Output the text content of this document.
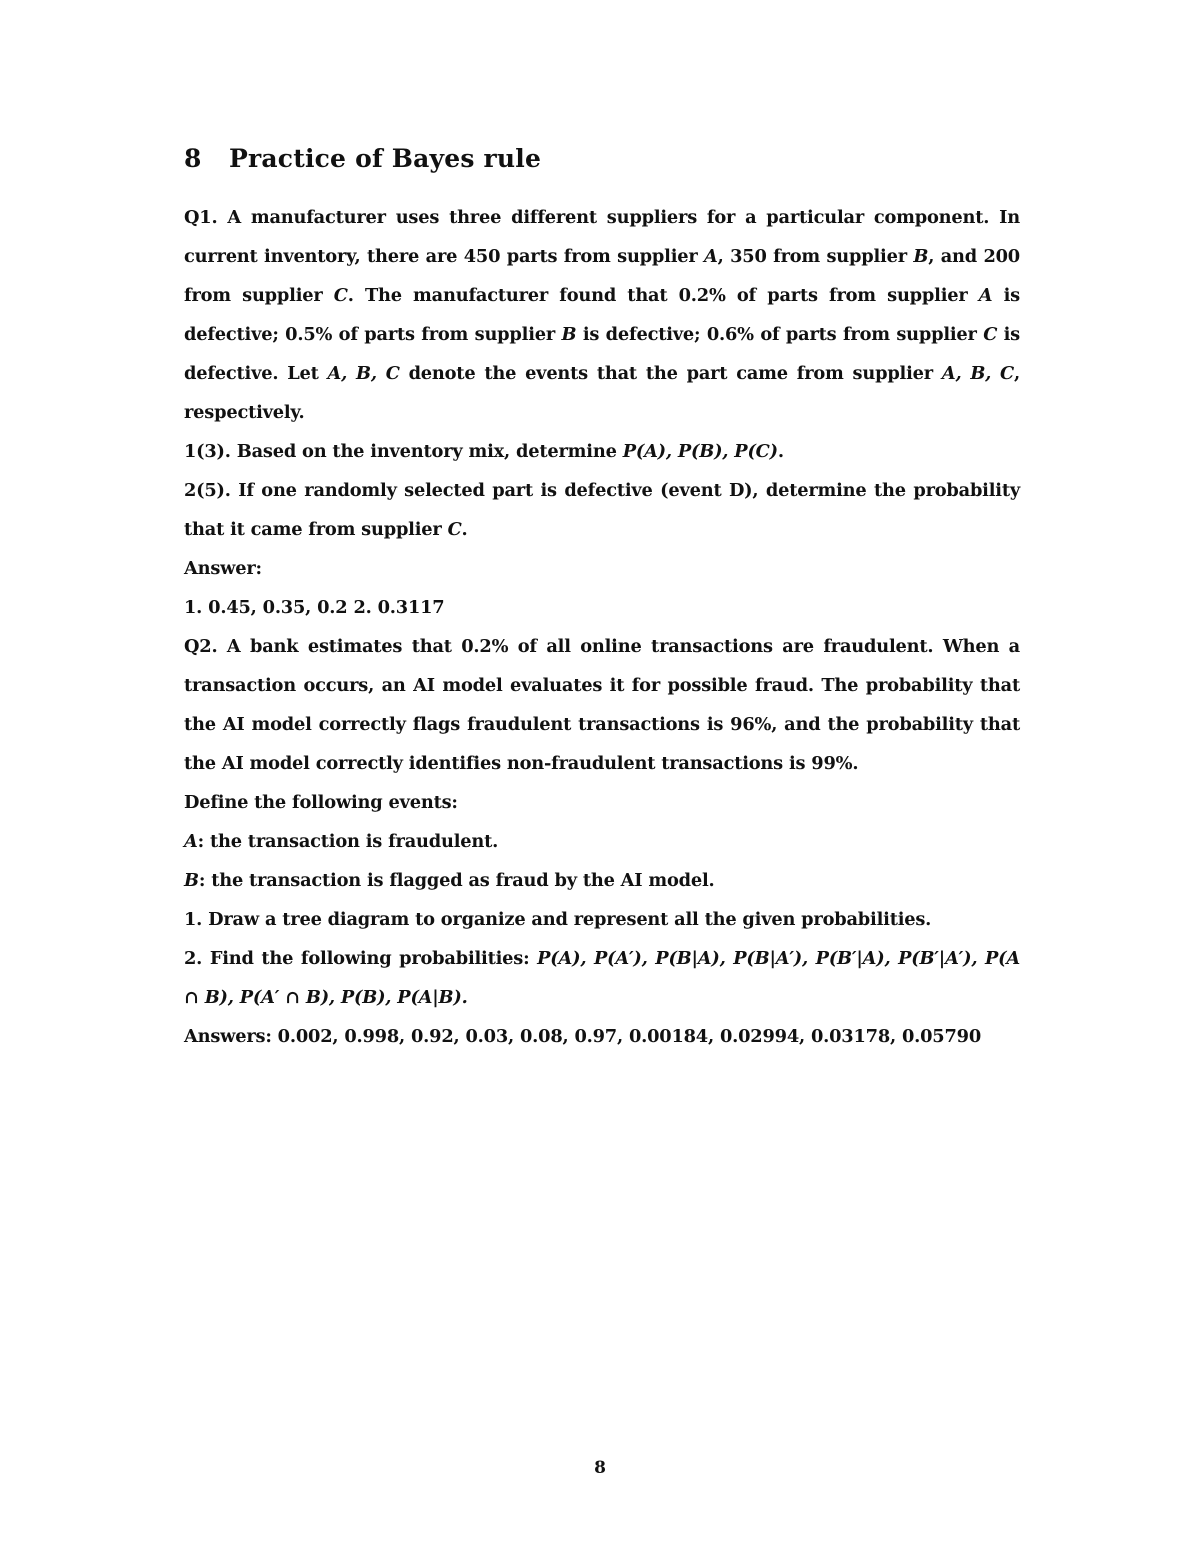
8 Practice of Bayes rule

Q1. A manufacturer uses three different suppliers for a particular component. In current inventory, there are 450 parts from supplier A, 350 from supplier B, and 200 from supplier C. The manufacturer found that 0.2% of parts from supplier A is defective; 0.5% of parts from supplier B is defective; 0.6% of parts from supplier C is defective. Let A, B, C denote the events that the part came from supplier A, B, C, respectively.

1(3). Based on the inventory mix, determine P(A), P(B), P(C).

2(5). If one randomly selected part is defective (event D), determine the probability that it came from supplier C.

Answer:

1. 0.45, 0.35, 0.2 2. 0.3117

Q2. A bank estimates that 0.2% of all online transactions are fraudulent. When a transaction occurs, an AI model evaluates it for possible fraud. The probability that the AI model correctly flags fraudulent transactions is 96%, and the probability that the AI model correctly identifies non-fraudulent transactions is 99%.

Define the following events:

A: the transaction is fraudulent.

B: the transaction is flagged as fraud by the AI model.

1. Draw a tree diagram to organize and represent all the given probabilities.

2. Find the following probabilities: P(A), P(A′), P(B|A), P(B|A′), P(B′|A), P(B′|A′), P(A ∩ B), P(A′ ∩ B), P(B), P(A|B).

Answers: 0.002, 0.998, 0.92, 0.03, 0.08, 0.97, 0.00184, 0.02994, 0.03178, 0.05790

8
